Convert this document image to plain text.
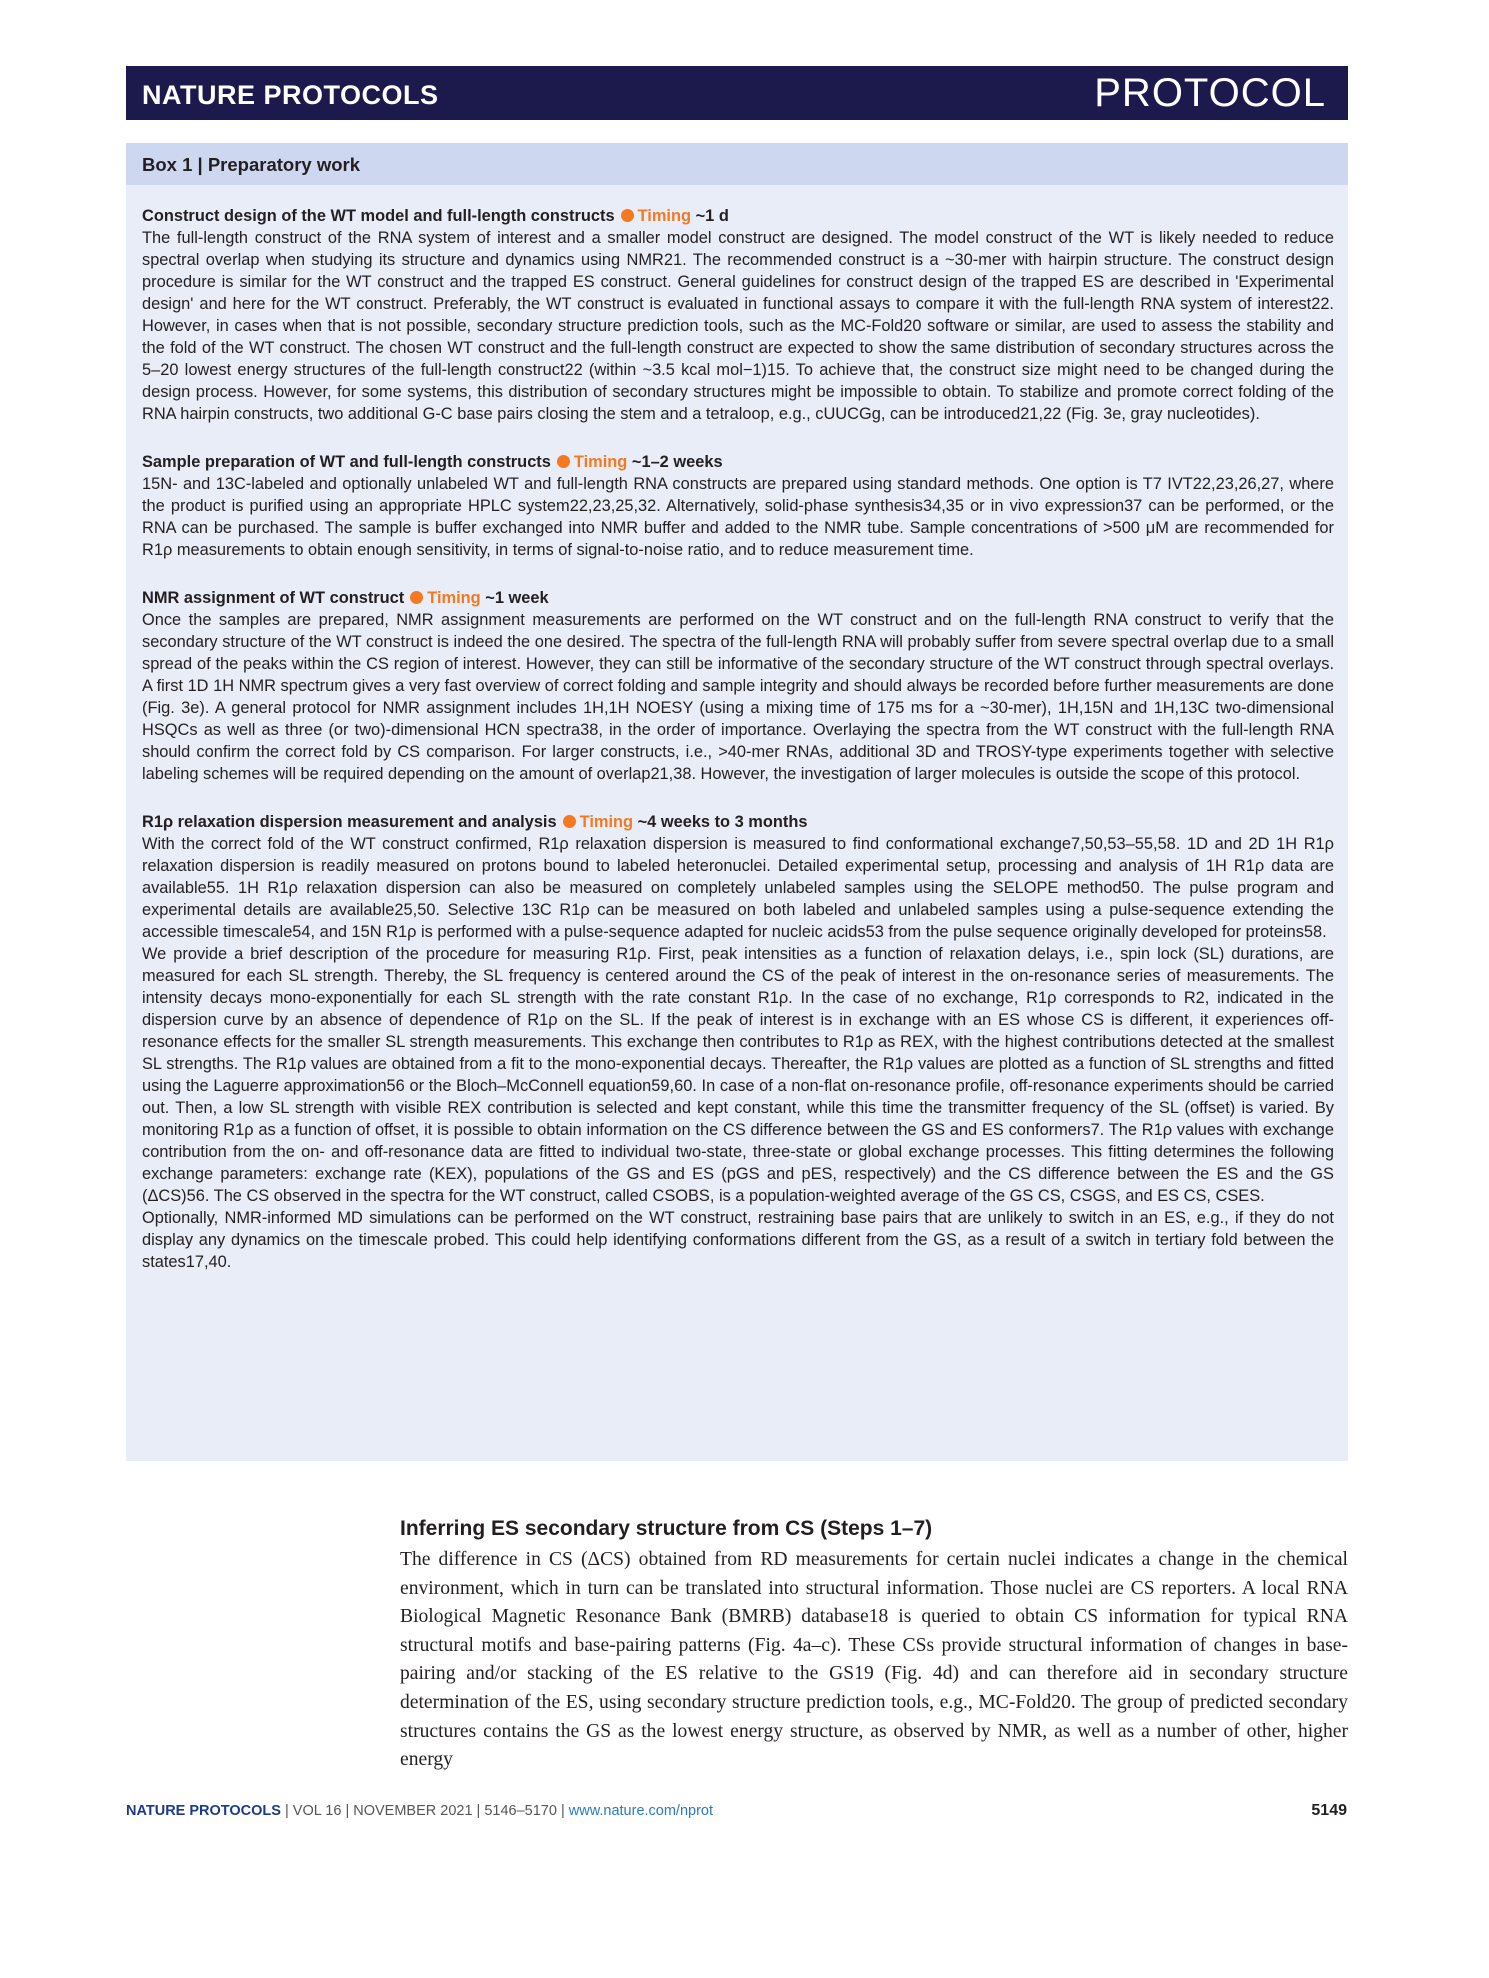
NATURE PROTOCOLS	PROTOCOL
Box 1 | Preparatory work
Construct design of the WT model and full-length constructs Timing ~1 d

The full-length construct of the RNA system of interest and a smaller model construct are designed. The model construct of the WT is likely needed to reduce spectral overlap when studying its structure and dynamics using NMR21. The recommended construct is a ~30-mer with hairpin structure. The construct design procedure is similar for the WT construct and the trapped ES construct. General guidelines for construct design of the trapped ES are described in 'Experimental design' and here for the WT construct. Preferably, the WT construct is evaluated in functional assays to compare it with the full-length RNA system of interest22. However, in cases when that is not possible, secondary structure prediction tools, such as the MC-Fold20 software or similar, are used to assess the stability and the fold of the WT construct. The chosen WT construct and the full-length construct are expected to show the same distribution of secondary structures across the 5–20 lowest energy structures of the full-length construct22 (within ~3.5 kcal mol−1)15. To achieve that, the construct size might need to be changed during the design process. However, for some systems, this distribution of secondary structures might be impossible to obtain. To stabilize and promote correct folding of the RNA hairpin constructs, two additional G-C base pairs closing the stem and a tetraloop, e.g., cUUCGg, can be introduced21,22 (Fig. 3e, gray nucleotides).

Sample preparation of WT and full-length constructs Timing ~1–2 weeks

15N- and 13C-labeled and optionally unlabeled WT and full-length RNA constructs are prepared using standard methods. One option is T7 IVT22,23,26,27, where the product is purified using an appropriate HPLC system22,23,25,32. Alternatively, solid-phase synthesis34,35 or in vivo expression37 can be performed, or the RNA can be purchased. The sample is buffer exchanged into NMR buffer and added to the NMR tube. Sample concentrations of >500 μM are recommended for R1ρ measurements to obtain enough sensitivity, in terms of signal-to-noise ratio, and to reduce measurement time.

NMR assignment of WT construct Timing ~1 week

Once the samples are prepared, NMR assignment measurements are performed on the WT construct and on the full-length RNA construct to verify that the secondary structure of the WT construct is indeed the one desired. The spectra of the full-length RNA will probably suffer from severe spectral overlap due to a small spread of the peaks within the CS region of interest. However, they can still be informative of the secondary structure of the WT construct through spectral overlays. A first 1D 1H NMR spectrum gives a very fast overview of correct folding and sample integrity and should always be recorded before further measurements are done (Fig. 3e). A general protocol for NMR assignment includes 1H,1H NOESY (using a mixing time of 175 ms for a ~30-mer), 1H,15N and 1H,13C two-dimensional HSQCs as well as three (or two)-dimensional HCN spectra38, in the order of importance. Overlaying the spectra from the WT construct with the full-length RNA should confirm the correct fold by CS comparison. For larger constructs, i.e., >40-mer RNAs, additional 3D and TROSY-type experiments together with selective labeling schemes will be required depending on the amount of overlap21,38. However, the investigation of larger molecules is outside the scope of this protocol.

R1ρ relaxation dispersion measurement and analysis Timing ~4 weeks to 3 months

With the correct fold of the WT construct confirmed, R1ρ relaxation dispersion is measured to find conformational exchange7,50,53–55,58. 1D and 2D 1H R1ρ relaxation dispersion is readily measured on protons bound to labeled heteronuclei. Detailed experimental setup, processing and analysis of 1H R1ρ data are available55. 1H R1ρ relaxation dispersion can also be measured on completely unlabeled samples using the SELOPE method50. The pulse program and experimental details are available25,50. Selective 13C R1ρ can be measured on both labeled and unlabeled samples using a pulse-sequence extending the accessible timescale54, and 15N R1ρ is performed with a pulse-sequence adapted for nucleic acids53 from the pulse sequence originally developed for proteins58.

We provide a brief description of the procedure for measuring R1ρ. First, peak intensities as a function of relaxation delays, i.e., spin lock (SL) durations, are measured for each SL strength. Thereby, the SL frequency is centered around the CS of the peak of interest in the on-resonance series of measurements. The intensity decays mono-exponentially for each SL strength with the rate constant R1ρ. In the case of no exchange, R1ρ corresponds to R2, indicated in the dispersion curve by an absence of dependence of R1ρ on the SL. If the peak of interest is in exchange with an ES whose CS is different, it experiences off-resonance effects for the smaller SL strength measurements. This exchange then contributes to R1ρ as REX, with the highest contributions detected at the smallest SL strengths. The R1ρ values are obtained from a fit to the mono-exponential decays. Thereafter, the R1ρ values are plotted as a function of SL strengths and fitted using the Laguerre approximation56 or the Bloch–McConnell equation59,60. In case of a non-flat on-resonance profile, off-resonance experiments should be carried out. Then, a low SL strength with visible REX contribution is selected and kept constant, while this time the transmitter frequency of the SL (offset) is varied. By monitoring R1ρ as a function of offset, it is possible to obtain information on the CS difference between the GS and ES conformers7. The R1ρ values with exchange contribution from the on- and off-resonance data are fitted to individual two-state, three-state or global exchange processes. This fitting determines the following exchange parameters: exchange rate (KEX), populations of the GS and ES (pGS and pES, respectively) and the CS difference between the ES and the GS (ΔCS)56. The CS observed in the spectra for the WT construct, called CSOBS, is a population-weighted average of the GS CS, CSGS, and ES CS, CSES.

Optionally, NMR-informed MD simulations can be performed on the WT construct, restraining base pairs that are unlikely to switch in an ES, e.g., if they do not display any dynamics on the timescale probed. This could help identifying conformations different from the GS, as a result of a switch in tertiary fold between the states17,40.

Inferring ES secondary structure from CS (Steps 1–7)

The difference in CS (ΔCS) obtained from RD measurements for certain nuclei indicates a change in the chemical environment, which in turn can be translated into structural information. Those nuclei are CS reporters. A local RNA Biological Magnetic Resonance Bank (BMRB) database18 is queried to obtain CS information for typical RNA structural motifs and base-pairing patterns (Fig. 4a–c). These CSs provide structural information of changes in base-pairing and/or stacking of the ES relative to the GS19 (Fig. 4d) and can therefore aid in secondary structure determination of the ES, using secondary structure prediction tools, e.g., MC-Fold20. The group of predicted secondary structures contains the GS as the lowest energy structure, as observed by NMR, as well as a number of other, higher energy

NATURE PROTOCOLS | VOL 16 | NOVEMBER 2021 | 5146–5170 | www.nature.com/nprot	5149
